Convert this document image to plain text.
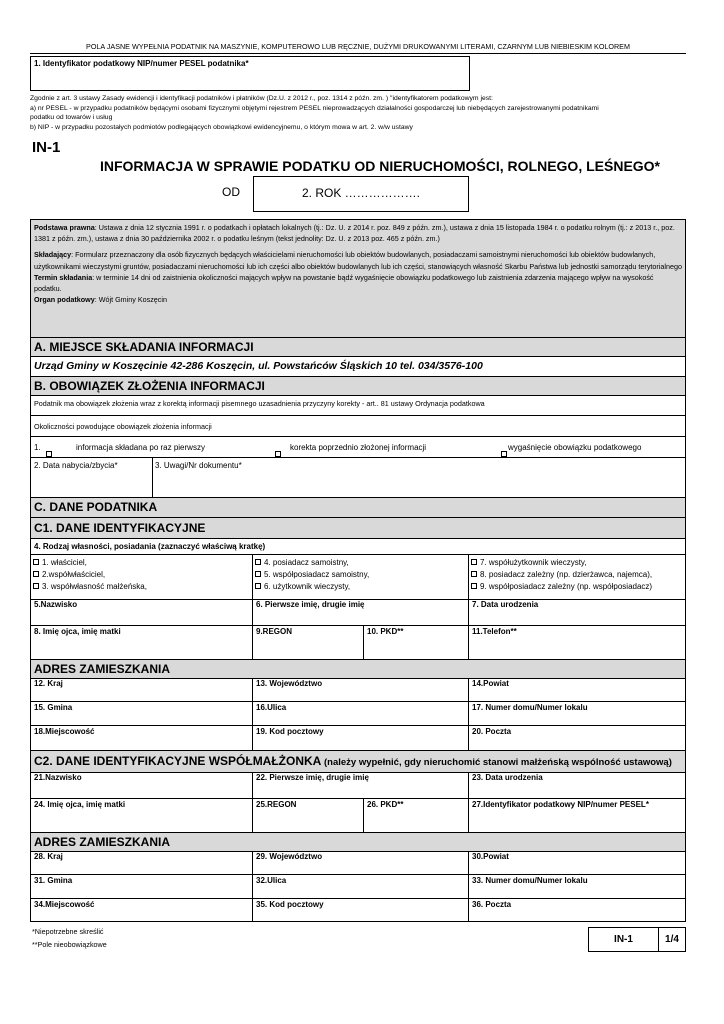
POLA JASNE WYPEŁNIA PODATNIK NA MASZYNIE, KOMPUTEROWO LUB RĘCZNIE, DUŻYMI DRUKOWANYMI LITERAMI, CZARNYM LUB NIEBIESKIM KOLOREM
1. Identyfikator podatkowy NIP/numer PESEL podatnika*
Zgodnie z art. 3 ustawy Zasady ewidencji i identyfikacji podatników i płatników (Dz.U. z 2012 r., poz. 1314 z późn. zm. ) "identyfikatorem podatkowym jest:
a) nr PESEL - w przypadku podatników będącymi osobami fizycznymi objętymi rejestrem PESEL nieprowadzących działalności gospodarczej lub niebędących zarejestrowanymi podatnikami
podatku od towarów i usług
b) NIP - w przypadku pozostałych podmiotów podlegających obowiązkowi ewidencyjnemu, o którym mowa w art. 2. w/w ustawy
IN-1
INFORMACJA W SPRAWIE PODATKU OD NIERUCHOMOŚCI, ROLNEGO, LEŚNEGO*
OD	2. ROK ……………….
Podstawa prawna: Ustawa z dnia 12 stycznia 1991 r. o podatkach i opłatach lokalnych (tj.: Dz. U. z 2014 r. poz. 849 z późn. zm.), ustawa z dnia 15 listopada 1984 r. o podatku rolnym (tj.: z 2013 r., poz. 1381 z późn. zm.), ustawa z dnia 30 października 2002 r. o podatku leśnym (tekst jednolity: Dz. U. z 2013 poz. 465 z późn. zm.)
Składający: Formularz przeznaczony dla osób fizycznych będących właścicielami nieruchomości lub obiektów budowlanych, posiadaczami samoistnymi nieruchomości lub obiektów budowlanych, użytkownikami wieczystymi gruntów, posiadaczami nieruchomości lub ich części albo obiektów budowlanych lub ich części, stanowiących własność Skarbu Państwa lub jednostki samorządu terytorialnego
Termin składania: w terminie 14 dni od zaistnienia okoliczności mających wpływ na powstanie bądź wygaśnięcie obowiązku podatkowego lub zaistnienia zdarzenia mającego wpływ na wysokość podatku.
Organ podatkowy: Wójt Gminy Koszęcin
A. MIEJSCE SKŁADANIA INFORMACJI
Urząd Gminy w Koszęcinie 42-286 Koszęcin, ul. Powstańców Śląskich 10 tel. 034/3576-100
B. OBOWIĄZEK ZŁOŻENIA INFORMACJI
Podatnik ma obowiązek złożenia wraz z korektą informacji pisemnego uzasadnienia przyczyny korekty - art.. 81 ustawy Ordynacja podatkowa
Okoliczności powodujące obowiązek złożenia informacji
1.
	informacja składana po raz pierwszy
	korekta poprzednio złożonej informacji	wygaśnięcie obowiązku podatkowego
2. Data nabycia/zbycia*	3. Uwagi/Nr dokumentu*
C. DANE PODATNIKA
C1. DANE IDENTYFIKACYJNE
4. Rodzaj własności, posiadania (zaznaczyć właściwą kratkę)
1. właściciel,
2.współwłaściciel,
3. współwłasność małżeńska,
4. posiadacz samoistny,
5. współposiadacz samoistny,
6. użytkownik wieczysty,
7. współużytkownik wieczysty,
8. posiadacz zależny (np. dzierżawca, najemca),
9. współposiadacz zależny (np. współposiadacz)
5.Nazwisko	6. Pierwsze imię, drugie imię	7. Data urodzenia
8. Imię ojca, imię matki	9.REGON	10. PKD**	11.Telefon**
ADRES ZAMIESZKANIA
12. Kraj	13. Województwo	14.Powiat
15. Gmina	16.Ulica	17. Numer domu/Numer lokalu
18.Miejscowość	19. Kod pocztowy	20. Poczta
C2. DANE IDENTYFIKACYJNE WSPÓŁMAŁŻONKA (należy wypełnić, gdy nieruchomić stanowi małżeńską wspólność ustawową)
21.Nazwisko	22. Pierwsze imię, drugie imię	23. Data urodzenia
24. Imię ojca, imię matki	25.REGON	26. PKD**	27.Identyfikator podatkowy NIP/numer PESEL*
ADRES ZAMIESZKANIA
28. Kraj	29. Województwo	30.Powiat
31. Gmina	32.Ulica	33. Numer domu/Numer lokalu
34.Miejscowość	35. Kod pocztowy	36. Poczta
*Niepotrzebne skreślić
**Pole nieobowiązkowe	IN-1	1/4
